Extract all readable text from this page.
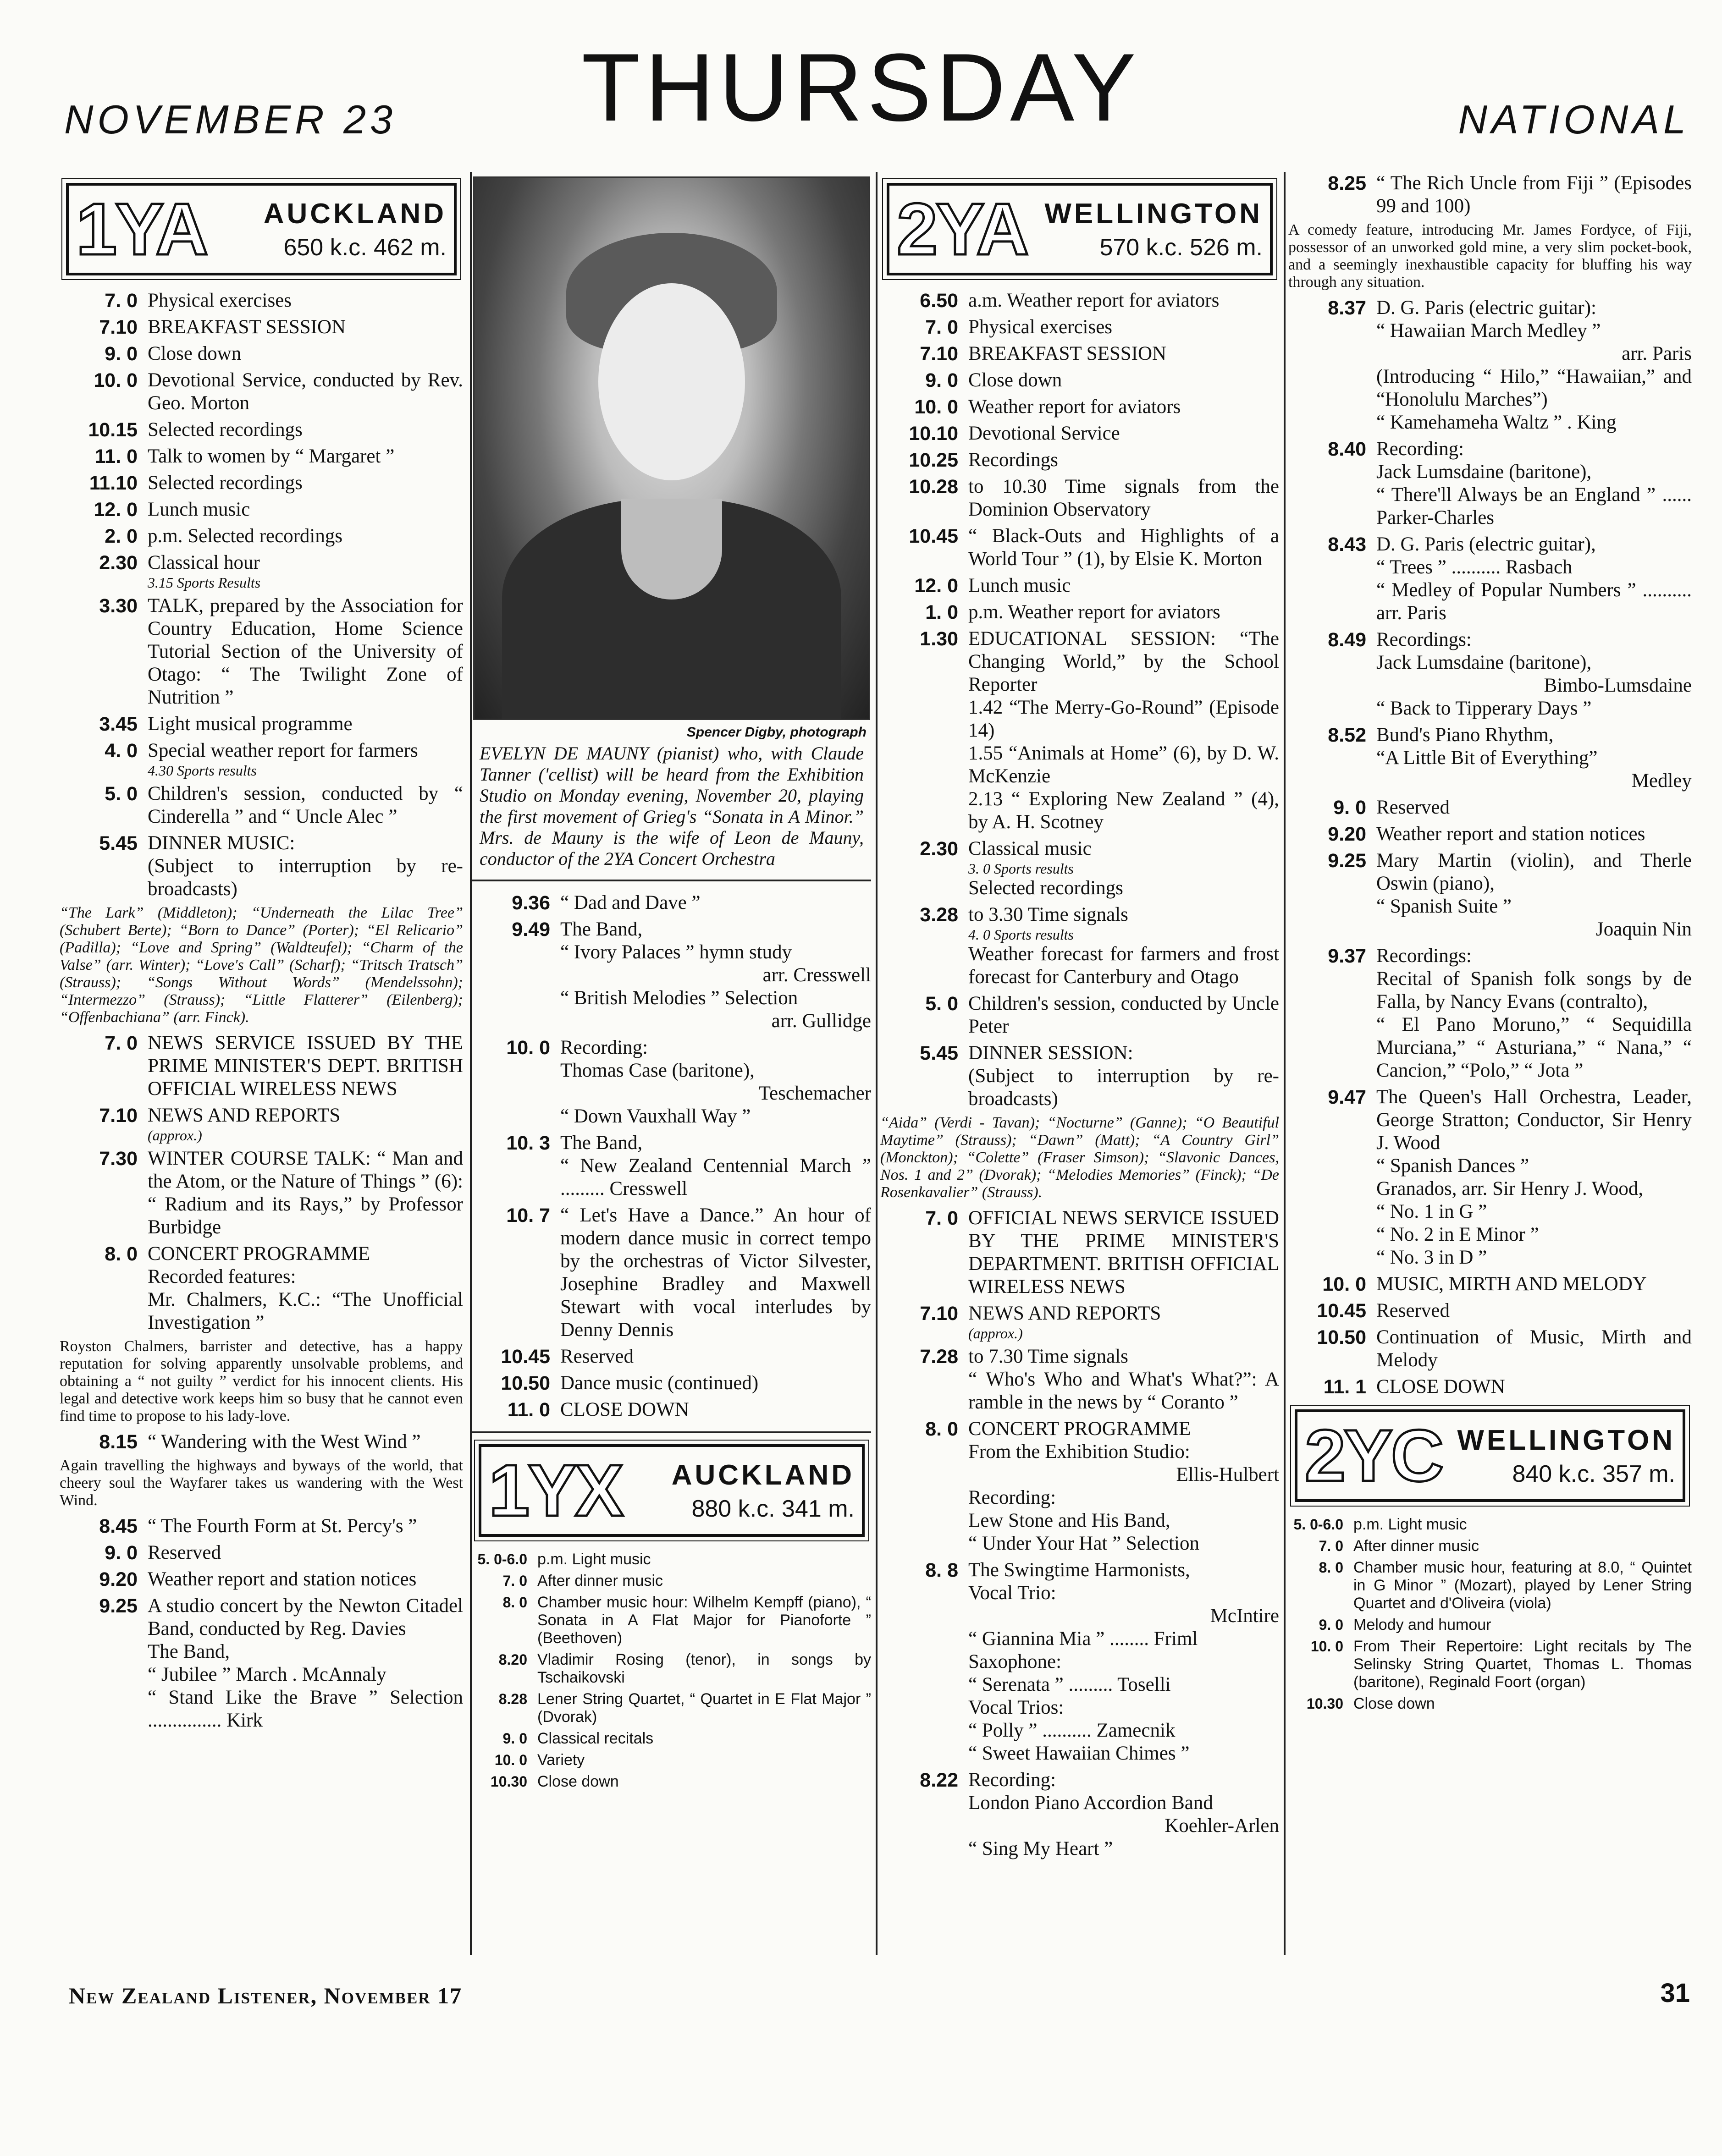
NOVEMBER 23	THURSDAY	NATIONAL
1YA AUCKLAND
650 k.c. 462 m.
7. 0 Physical exercises
7.10 BREAKFAST SESSION
9. 0 Close down
10. 0 Devotional Service, conducted by Rev. Geo. Morton
10.15 Selected recordings
11. 0 Talk to women by “ Margaret ”
11.10 Selected recordings
12. 0 Lunch music
2. 0 p.m. Selected recordings
2.30 Classical hour
3.15 Sports Results
3.30 TALK, prepared by the Association for Country Education, Home Science Tutorial Section of the University of Otago: “ The Twilight Zone of Nutrition ”
3.45 Light musical programme
4. 0 Special weather report for farmers
4.30 Sports results
5. 0 Children's session, conducted by “ Cinderella ” and “ Uncle Alec ”
5.45 DINNER MUSIC:
(Subject to interruption by re-broadcasts)
“The Lark” (Middleton); “Underneath the Lilac Tree” (Schubert Berte); “Born to Dance” (Porter); “El Relicario” (Padilla); “Love and Spring” (Waldteufel); “Charm of the Valse” (arr. Winter); “Love's Call” (Scharf); “Tritsch Tratsch” (Strauss); “Songs Without Words” (Mendelssohn); “Intermezzo” (Strauss); “Little Flatterer” (Eilenberg); “Offenbachiana” (arr. Finck).
7. 0 NEWS SERVICE ISSUED BY THE PRIME MINISTER'S DEPT. BRITISH OFFICIAL WIRELESS NEWS
7.10 NEWS AND REPORTS
(approx.)
7.30 WINTER COURSE TALK: “ Man and the Atom, or the Nature of Things ” (6): “ Radium and its Rays,” by Professor Burbidge
8. 0 CONCERT PROGRAMME
Recorded features:
Mr. Chalmers, K.C.: “The Unofficial Investigation ”
Royston Chalmers, barrister and detective, has a happy reputation for solving apparently unsolvable problems, and obtaining a “ not guilty ” verdict for his innocent clients. His legal and detective work keeps him so busy that he cannot even find time to propose to his lady-love.
8.15 “ Wandering with the West Wind ”
Again travelling the highways and byways of the world, that cheery soul the Wayfarer takes us wandering with the West Wind.
8.45 “ The Fourth Form at St. Percy's ”
9. 0 Reserved
9.20 Weather report and station notices
9.25 A studio concert by the Newton Citadel Band, conducted by Reg. Davies
The Band,
“ Jubilee ” March . McAnnaly
“ Stand Like the Brave ” Selection ............... Kirk
Spencer Digby, photograph
EVELYN DE MAUNY (pianist) who, with Claude Tanner ('cellist) will be heard from the Exhibition Studio on Monday evening, November 20, playing the first movement of Grieg's “Sonata in A Minor.” Mrs. de Mauny is the wife of Leon de Mauny, conductor of the 2YA Concert Orchestra
9.36 “ Dad and Dave ”
9.49 The Band,
“ Ivory Palaces ” hymn study
arr. Cresswell
“ British Melodies ” Selection
arr. Gullidge
10. 0 Recording:
Thomas Case (baritone),
Teschemacher
“ Down Vauxhall Way ”
10. 3 The Band,
“ New Zealand Centennial March ” ......... Cresswell
10. 7 “ Let's Have a Dance.” An hour of modern dance music in correct tempo by the orchestras of Victor Silvester, Josephine Bradley and Maxwell Stewart with vocal interludes by Denny Dennis
10.45 Reserved
10.50 Dance music (continued)
11. 0 CLOSE DOWN
1YX AUCKLAND
880 k.c. 341 m.
5. 0-6.0 p.m. Light music
7. 0 After dinner music
8. 0 Chamber music hour: Wilhelm Kempff (piano), “ Sonata in A Flat Major for Pianoforte ” (Beethoven)
8.20 Vladimir Rosing (tenor), in songs by Tschaikovski
8.28 Lener String Quartet, “ Quartet in E Flat Major ” (Dvorak)
9. 0 Classical recitals
10. 0 Variety
10.30 Close down
2YA WELLINGTON
570 k.c. 526 m.
6.50 a.m. Weather report for aviators
7. 0 Physical exercises
7.10 BREAKFAST SESSION
9. 0 Close down
10. 0 Weather report for aviators
10.10 Devotional Service
10.25 Recordings
10.28 to 10.30 Time signals from the Dominion Observatory
10.45 “ Black-Outs and Highlights of a World Tour ” (1), by Elsie K. Morton
12. 0 Lunch music
1. 0 p.m. Weather report for aviators
1.30 EDUCATIONAL SESSION: “The Changing World,” by the School Reporter
1.42 “The Merry-Go-Round” (Episode 14)
1.55 “Animals at Home” (6), by D. W. McKenzie
2.13 “ Exploring New Zealand ” (4), by A. H. Scotney
2.30 Classical music
3. 0 Sports results
Selected recordings
3.28 to 3.30 Time signals
4. 0 Sports results
Weather forecast for farmers and frost forecast for Canterbury and Otago
5. 0 Children's session, conducted by Uncle Peter
5.45 DINNER SESSION:
(Subject to interruption by re-broadcasts)
“Aida” (Verdi - Tavan); “Nocturne” (Ganne); “O Beautiful Maytime” (Strauss); “Dawn” (Matt); “A Country Girl” (Monckton); “Colette” (Fraser Simson); “Slavonic Dances, Nos. 1 and 2” (Dvorak); “Melodies Memories” (Finck); “De Rosenkavalier” (Strauss).
7. 0 OFFICIAL NEWS SERVICE ISSUED BY THE PRIME MINISTER'S DEPARTMENT. BRITISH OFFICIAL WIRELESS NEWS
7.10 NEWS AND REPORTS
(approx.)
7.28 to 7.30 Time signals
“ Who's Who and What's What?”: A ramble in the news by “ Coranto ”
8. 0 CONCERT PROGRAMME
From the Exhibition Studio:
Ellis-Hulbert
Recording:
Lew Stone and His Band,
“ Under Your Hat ” Selection
8. 8 The Swingtime Harmonists,
Vocal Trio:
McIntire
“ Giannina Mia ” ........ Friml
Saxophone:
“ Serenata ” ......... Toselli
Vocal Trios:
“ Polly ” .......... Zamecnik
“ Sweet Hawaiian Chimes ”
8.22 Recording:
London Piano Accordion Band
Koehler-Arlen
“ Sing My Heart ”
8.25 “ The Rich Uncle from Fiji ” (Episodes 99 and 100)
A comedy feature, introducing Mr. James Fordyce, of Fiji, possessor of an unworked gold mine, a very slim pocket-book, and a seemingly inexhaustible capacity for bluffing his way through any situation.
8.37 D. G. Paris (electric guitar):
“ Hawaiian March Medley ”
arr. Paris
(Introducing “ Hilo,” “Hawaiian,” and “Honolulu Marches”)
“ Kamehameha Waltz ” . King
8.40 Recording:
Jack Lumsdaine (baritone),
“ There'll Always be an England ” ...... Parker-Charles
8.43 D. G. Paris (electric guitar),
“ Trees ” .......... Rasbach
“ Medley of Popular Numbers ” .......... arr. Paris
8.49 Recordings:
Jack Lumsdaine (baritone),
Bimbo-Lumsdaine
“ Back to Tipperary Days ”
8.52 Bund's Piano Rhythm,
“A Little Bit of Everything”
Medley
9. 0 Reserved
9.20 Weather report and station notices
9.25 Mary Martin (violin), and Therle Oswin (piano),
“ Spanish Suite ”
Joaquin Nin
9.37 Recordings:
Recital of Spanish folk songs by de Falla, by Nancy Evans (contralto),
“ El Pano Moruno,” “ Sequidilla Murciana,” “ Asturiana,” “ Nana,” “ Cancion,” “Polo,” “ Jota ”
9.47 The Queen's Hall Orchestra, Leader, George Stratton; Conductor, Sir Henry J. Wood
“ Spanish Dances ”
Granados, arr. Sir Henry J. Wood,
“ No. 1 in G ”
“ No. 2 in E Minor ”
“ No. 3 in D ”
10. 0 MUSIC, MIRTH AND MELODY
10.45 Reserved
10.50 Continuation of Music, Mirth and Melody
11. 1 CLOSE DOWN
2YC WELLINGTON
840 k.c. 357 m.
5. 0-6.0 p.m. Light music
7. 0 After dinner music
8. 0 Chamber music hour, featuring at 8.0, “ Quintet in G Minor ” (Mozart), played by Lener String Quartet and d'Oliveira (viola)
9. 0 Melody and humour
10. 0 From Their Repertoire: Light recitals by The Selinsky String Quartet, Thomas L. Thomas (baritone), Reginald Foort (organ)
10.30 Close down
New Zealand Listener, November 17	31
